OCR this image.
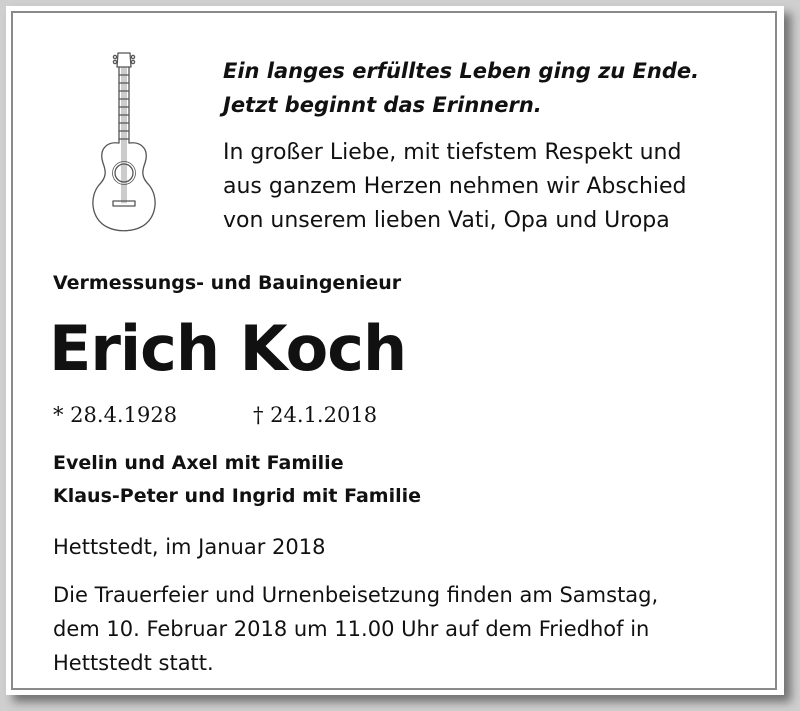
Ein langes erfülltes Leben ging zu Ende.
Jetzt beginnt das Erinnern.
In großer Liebe, mit tiefstem Respekt und
aus ganzem Herzen nehmen wir Abschied
von unserem lieben Vati, Opa und Uropa
Vermessungs- und Bauingenieur
Erich Koch
* 28.4.1928	† 24.1.2018
Evelin und Axel mit Familie
Klaus-Peter und Ingrid mit Familie
Hettstedt, im Januar 2018
Die Trauerfeier und Urnenbeisetzung finden am Samstag,
dem 10. Februar 2018 um 11.00 Uhr auf dem Friedhof in
Hettstedt statt.
